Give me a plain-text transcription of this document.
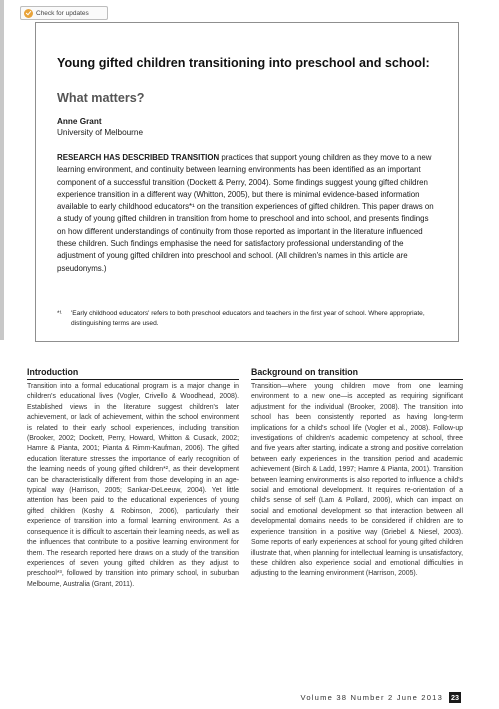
Check for updates
Young gifted children transitioning into preschool and school:
What matters?
Anne Grant
University of Melbourne

RESEARCH HAS DESCRIBED TRANSITION practices that support young children as they move to a new learning environment, and continuity between learning environments has been identified as an important component of a successful transition (Dockett & Perry, 2004). Some findings suggest young gifted children experience transition in a different way (Whitton, 2005), but there is minimal evidence-based information available to early childhood educators*¹ on the transition experiences of gifted children. This paper draws on a study of young gifted children in transition from home to preschool and into school, and presents findings on how different understandings of continuity from those reported as important in the literature influenced these children. Such findings emphasise the need for satisfactory professional understanding of the adjustment of young gifted children into preschool and school. (All children's names in this article are pseudonyms.)

*¹	'Early childhood educators' refers to both preschool educators and teachers in the first year of school. Where appropriate, distinguishing terms are used.
Introduction

Transition into a formal educational program is a major change in children's educational lives (Vogler, Crivello & Woodhead, 2008). Established views in the literature suggest children's later achievement, or lack of achievement, within the school environment is related to their early school experiences, including transition (Brooker, 2002; Dockett, Perry, Howard, Whitton & Cusack, 2002; Hamre & Pianta, 2001; Pianta & Rimm-Kaufman, 2006). The gifted education literature stresses the importance of early recognition of the learning needs of young gifted children*², as their development can be characteristically different from those developing in an age-typical way (Harrison, 2005; Sankar-DeLeeuw, 2004). Yet little attention has been paid to the educational experiences of young gifted children (Koshy & Robinson, 2006), particularly their experience of transition into a formal learning environment. As a consequence it is difficult to ascertain their learning needs, as well as the influences that contribute to a positive learning environment for them. The research reported here draws on a study of the transition experiences of seven young gifted children as they adjust to preschool*³, followed by transition into primary school, in suburban Melbourne, Australia (Grant, 2011).

Background on transition

Transition—where young children move from one learning environment to a new one—is accepted as requiring significant adjustment for the individual (Brooker, 2008). The transition into school has been consistently reported as having long-term implications for a child's school life (Vogler et al., 2008). Follow-up investigations of children's academic competency at school, three and five years after starting, indicate a strong and positive correlation between early experiences in the transition period and academic achievement (Birch & Ladd, 1997; Hamre & Pianta, 2001). Transition between learning environments is also reported to influence a child's social and emotional development. It requires re-orientation of a child's sense of self (Lam & Pollard, 2006), which can impact on social and emotional development so that interaction between all developmental domains needs to be considered if children are to experience transition in a positive way (Griebel & Niesel, 2003). Some reports of early experiences at school for young gifted children illustrate that, when planning for intellectual learning is unsatisfactory, these children also experience social and emotional difficulties in adjusting to the learning environment (Harrison, 2005).

Volume 38 Number 2 June 2013 23
